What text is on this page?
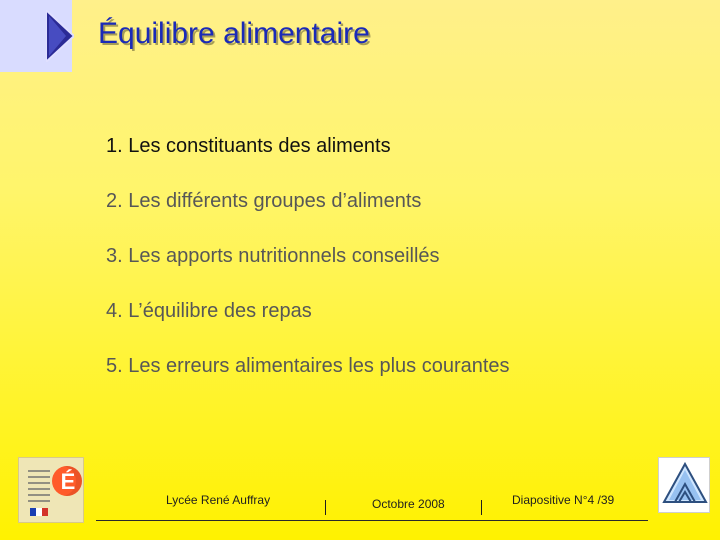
Équilibre alimentaire
1. Les constituants des aliments
2. Les différents groupes d’aliments
3. Les apports nutritionnels conseillés
4. L’équilibre des repas
5. Les erreurs alimentaires les plus courantes
É
Lycée René Auffray	Octobre 2008	Diapositive N°4 /39
